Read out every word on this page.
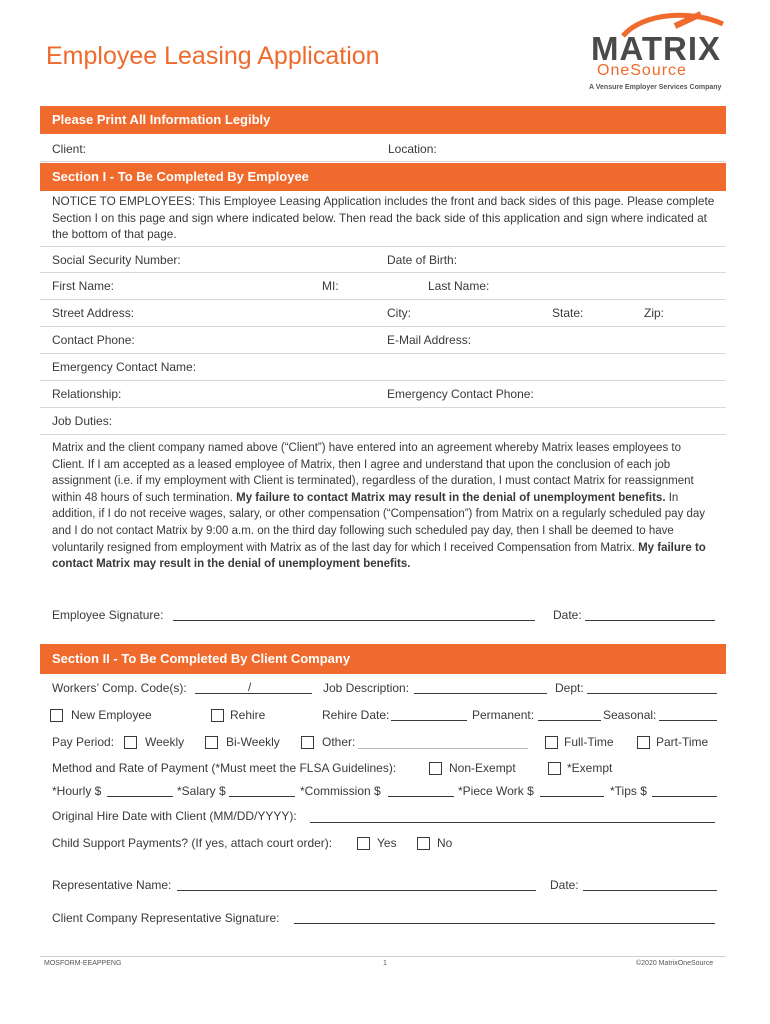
Employee Leasing Application	MATRIX
OneSource
A Vensure Employer Services Company
Please Print All Information Legibly
Client:	Location:
Section I - To Be Completed By Employee
NOTICE TO EMPLOYEES: This Employee Leasing Application includes the front and back sides of this page. Please complete Section I on this page and sign where indicated below. Then read the back side of this application and sign where indicated at the bottom of that page.
Social Security Number:	Date of Birth:
First Name:	MI:	Last Name:
Street Address:	City:	State:	Zip:
Contact Phone:	E-Mail Address:
Emergency Contact Name:
Relationship:	Emergency Contact Phone:
Job Duties:
Matrix and the client company named above (“Client”) have entered into an agreement whereby Matrix leases employees to Client. If I am accepted as a leased employee of Matrix, then I agree and understand that upon the conclusion of each job assignment (i.e. if my employment with Client is terminated), regardless of the duration, I must contact Matrix for reassignment within 48 hours of such termination. My failure to contact Matrix may result in the denial of unemployment benefits. In addition, if I do not receive wages, salary, or other compensation (“Compensation”) from Matrix on a regularly scheduled pay day and I do not contact Matrix by 9:00 a.m. on the third day following such scheduled pay day, then I shall be deemed to have voluntarily resigned from employment with Matrix as of the last day for which I received Compensation from Matrix. My failure to contact Matrix may result in the denial of unemployment benefits.
Employee Signature:	Date:
Section II - To Be Completed By Client Company
Workers’ Comp. Code(s):	/	Job Description:	Dept:
New Employee	Rehire	Rehire Date:	Permanent:	Seasonal:
Pay Period:	Weekly	Bi-Weekly	Other:	Full-Time	Part-Time
Method and Rate of Payment (*Must meet the FLSA Guidelines):	Non-Exempt	*Exempt
*Hourly $	*Salary $	*Commission $	*Piece Work $	*Tips $
Original Hire Date with Client (MM/DD/YYYY):
Child Support Payments? (If yes, attach court order):	Yes	No
Representative Name:	Date:
Client Company Representative Signature:
MOSFORM-EEAPPENG	1	©2020 MatrixOneSource
